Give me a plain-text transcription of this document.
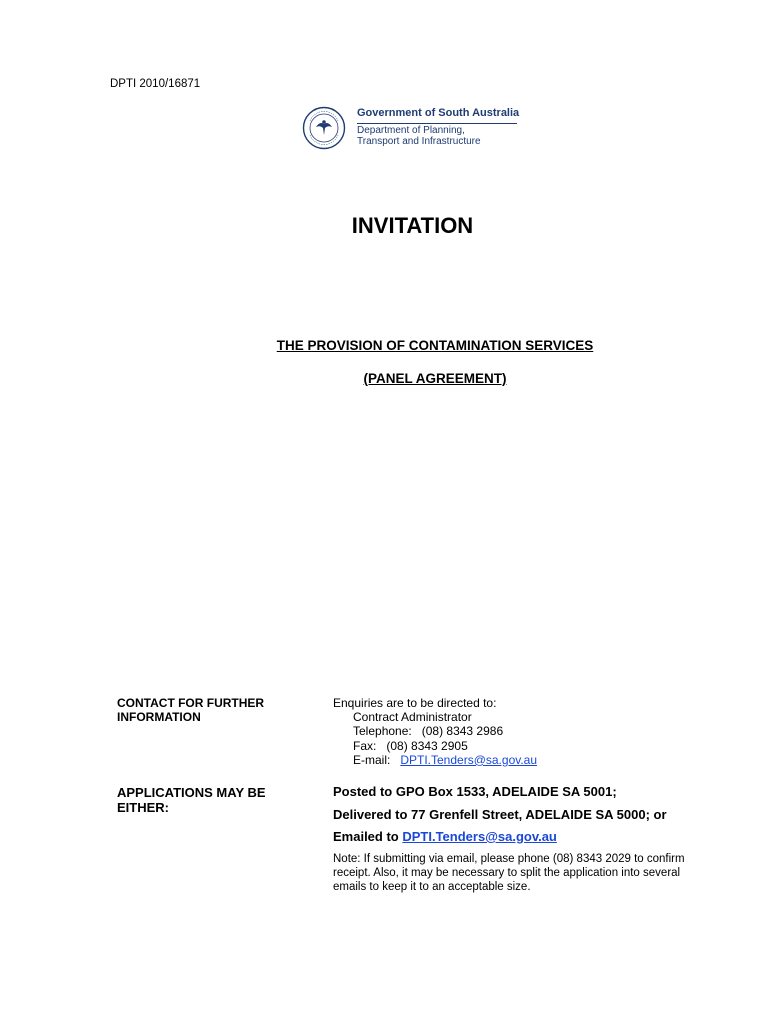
DPTI 2010/16871
Government of South Australia
Department of Planning,
Transport and Infrastructure
INVITATION
THE PROVISION OF CONTAMINATION SERVICES
(PANEL AGREEMENT)
CONTACT FOR FURTHER
INFORMATION
Enquiries are to be directed to:
Contract Administrator
Telephone: (08) 8343 2986
Fax: (08) 8343 2905
E-mail: DPTI.Tenders@sa.gov.au
APPLICATIONS MAY BE
EITHER:
Posted to GPO Box 1533, ADELAIDE SA 5001;
Delivered to 77 Grenfell Street, ADELAIDE SA 5000; or
Emailed to DPTI.Tenders@sa.gov.au
Note: If submitting via email, please phone (08) 8343 2029 to confirm receipt. Also, it may be necessary to split the application into several emails to keep it to an acceptable size.
